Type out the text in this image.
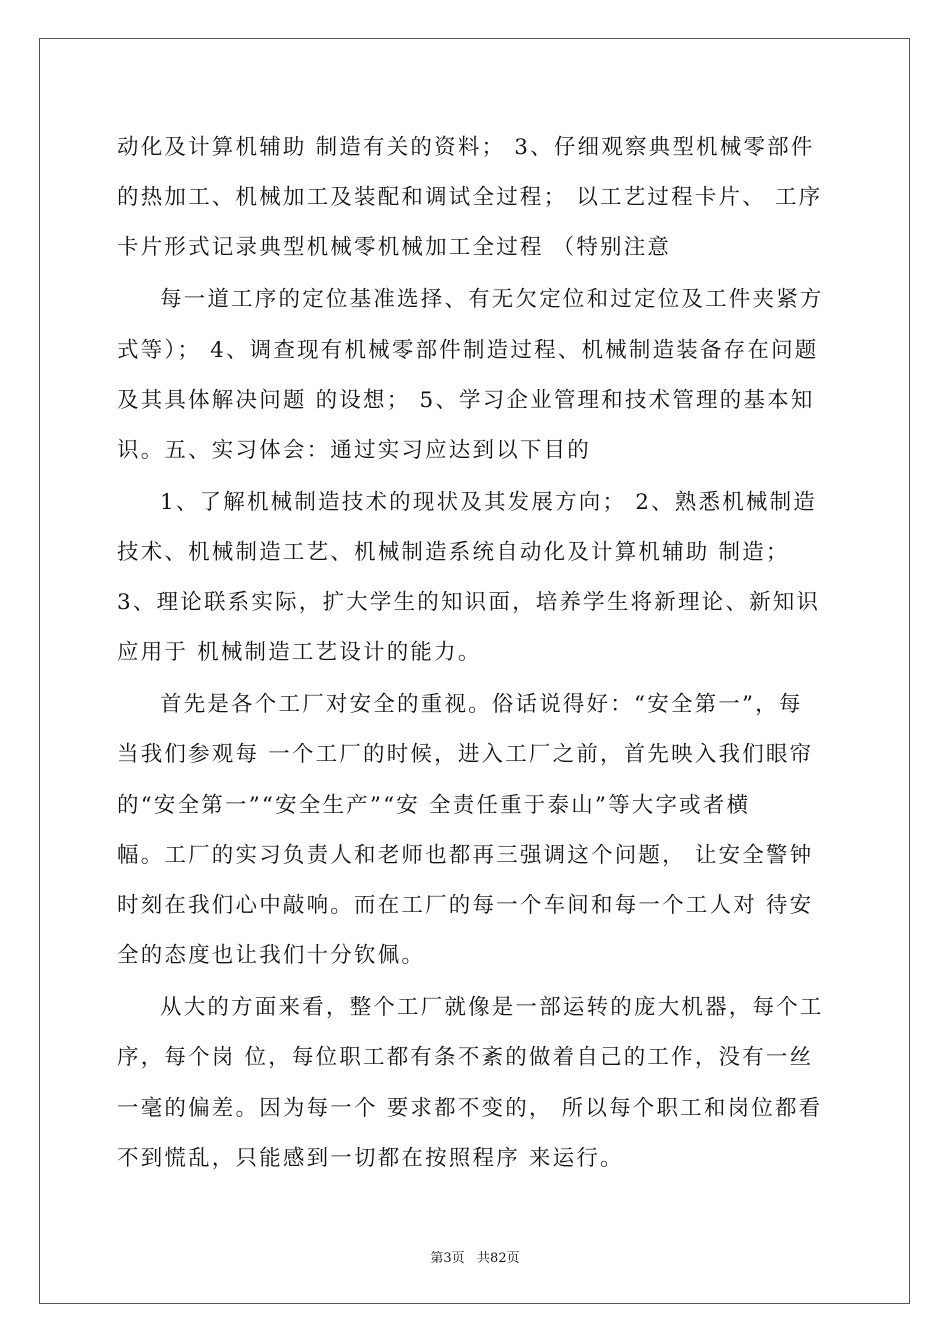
动化及计算机辅助 制造有关的资料； 3、仔细观察典型机械零部件
的热加工、机械加工及装配和调试全过程； 以工艺过程卡片、 工序
卡片形式记录典型机械零机械加工全过程 （特别注意
每一道工序的定位基准选择、有无欠定位和过定位及工件夹紧方
式等）； 4、调查现有机械零部件制造过程、机械制造装备存在问题
及其具体解决问题 的设想； 5、学习企业管理和技术管理的基本知
识。五、实习体会：通过实习应达到以下目的
1、了解机械制造技术的现状及其发展方向； 2、熟悉机械制造
技术、机械制造工艺、机械制造系统自动化及计算机辅助 制造；
3、理论联系实际，扩大学生的知识面，培养学生将新理论、新知识
应用于 机械制造工艺设计的能力。
首先是各个工厂对安全的重视。俗话说得好：“安全第一”，每
当我们参观每 一个工厂的时候，进入工厂之前，首先映入我们眼帘
的“安全第一”“安全生产”“安 全责任重于泰山”等大字或者横
幅。工厂的实习负责人和老师也都再三强调这个问题， 让安全警钟
时刻在我们心中敲响。而在工厂的每一个车间和每一个工人对 待安
全的态度也让我们十分钦佩。
从大的方面来看，整个工厂就像是一部运转的庞大机器，每个工
序，每个岗 位，每位职工都有条不紊的做着自己的工作，没有一丝
一毫的偏差。因为每一个 要求都不变的， 所以每个职工和岗位都看
不到慌乱，只能感到一切都在按照程序 来运行。
第3页   共82页
